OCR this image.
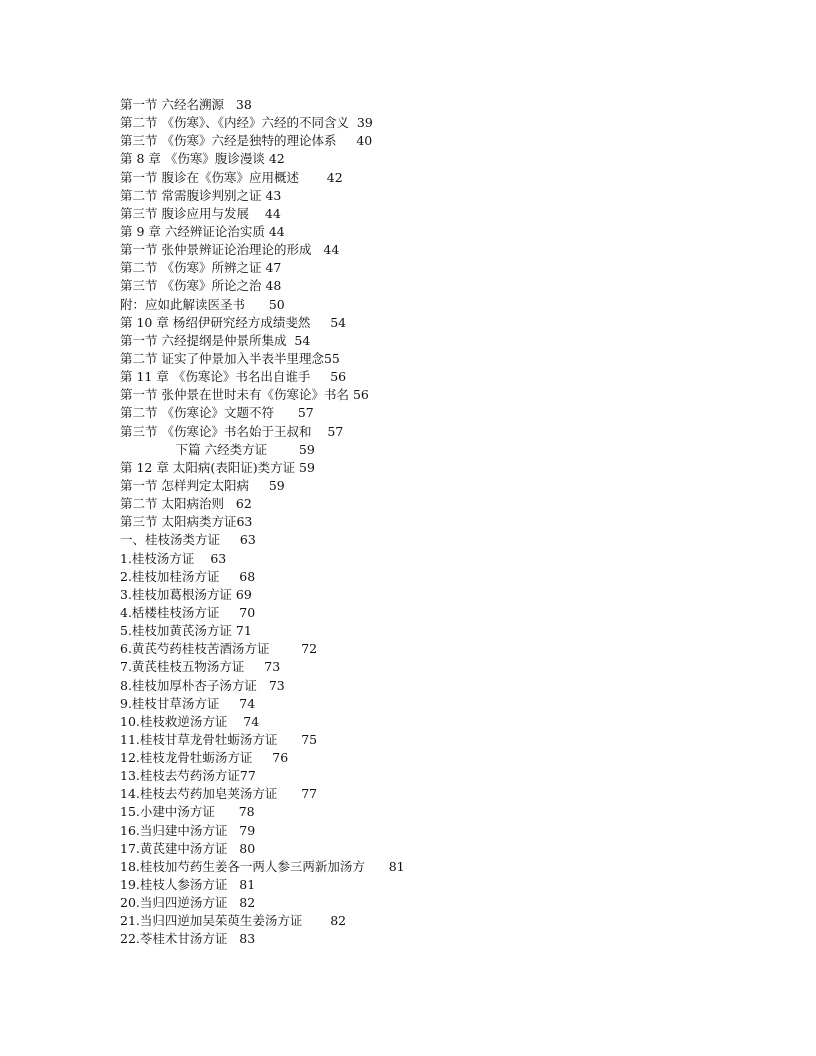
第一节 六经名溯源   38
第二节 《伤寒》、《内经》六经的不同含义  39
第三节 《伤寒》六经是独特的理论体系     40
第 8 章 《伤寒》腹诊漫谈 42
第一节 腹诊在《伤寒》应用概述       42
第二节 常需腹诊判别之证 43
第三节 腹诊应用与发展    44
第 9 章 六经辨证论治实质 44
第一节 张仲景辨证论治理论的形成   44
第二节 《伤寒》所辨之证 47
第三节 《伤寒》所论之治 48
附：应如此解读医圣书      50
第 10 章 杨绍伊研究经方成绩斐然     54
第一节 六经提纲是仲景所集成  54
第二节 证实了仲景加入半表半里理念55
第 11 章 《伤寒论》书名出自谁手     56
第一节 张仲景在世时未有《伤寒论》书名 56
第二节 《伤寒论》文题不符      57
第三节 《伤寒论》书名始于王叔和    57
下篇 六经类方证        59
第 12 章 太阳病(表阳证)类方证 59
第一节 怎样判定太阳病     59
第二节 太阳病治则   62
第三节 太阳病类方证63
一、桂枝汤类方证     63
1.桂枝汤方证    63
2.桂枝加桂汤方证     68
3.桂枝加葛根汤方证 69
4.栝楼桂枝汤方证     70
5.桂枝加黄芪汤方证 71
6.黄芪芍药桂枝苦酒汤方证        72
7.黄芪桂枝五物汤方证     73
8.桂枝加厚朴杏子汤方证   73
9.桂枝甘草汤方证     74
10.桂枝救逆汤方证    74
11.桂枝甘草龙骨牡蛎汤方证      75
12.桂枝龙骨牡蛎汤方证     76
13.桂枝去芍药汤方证77
14.桂枝去芍药加皂荚汤方证      77
15.小建中汤方证      78
16.当归建中汤方证   79
17.黄芪建中汤方证   80
18.桂枝加芍药生姜各一两人参三两新加汤方      81
19.桂枝人参汤方证   81
20.当归四逆汤方证   82
21.当归四逆加吴茱萸生姜汤方证       82
22.苓桂术甘汤方证   83
